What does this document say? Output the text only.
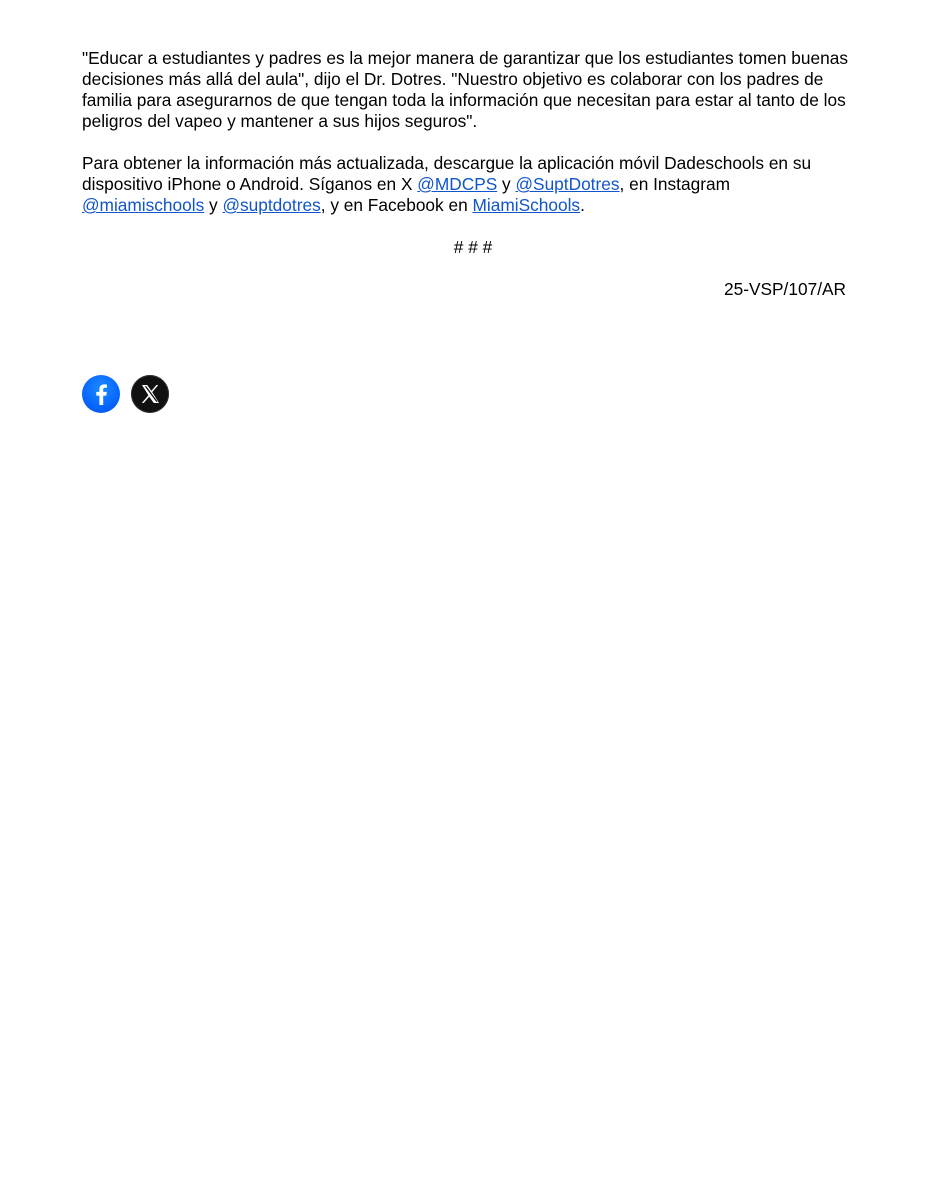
"Educar a estudiantes y padres es la mejor manera de garantizar que los estudiantes tomen buenas decisiones más allá del aula", dijo el Dr. Dotres. "Nuestro objetivo es colaborar con los padres de familia para asegurarnos de que tengan toda la información que necesitan para estar al tanto de los peligros del vapeo y mantener a sus hijos seguros".

Para obtener la información más actualizada, descargue la aplicación móvil Dadeschools en su dispositivo iPhone o Android. Síganos en X @MDCPS y @SuptDotres, en Instagram @miamischools y @suptdotres, y en Facebook en MiamiSchools.

# # #
25-VSP/107/AR
